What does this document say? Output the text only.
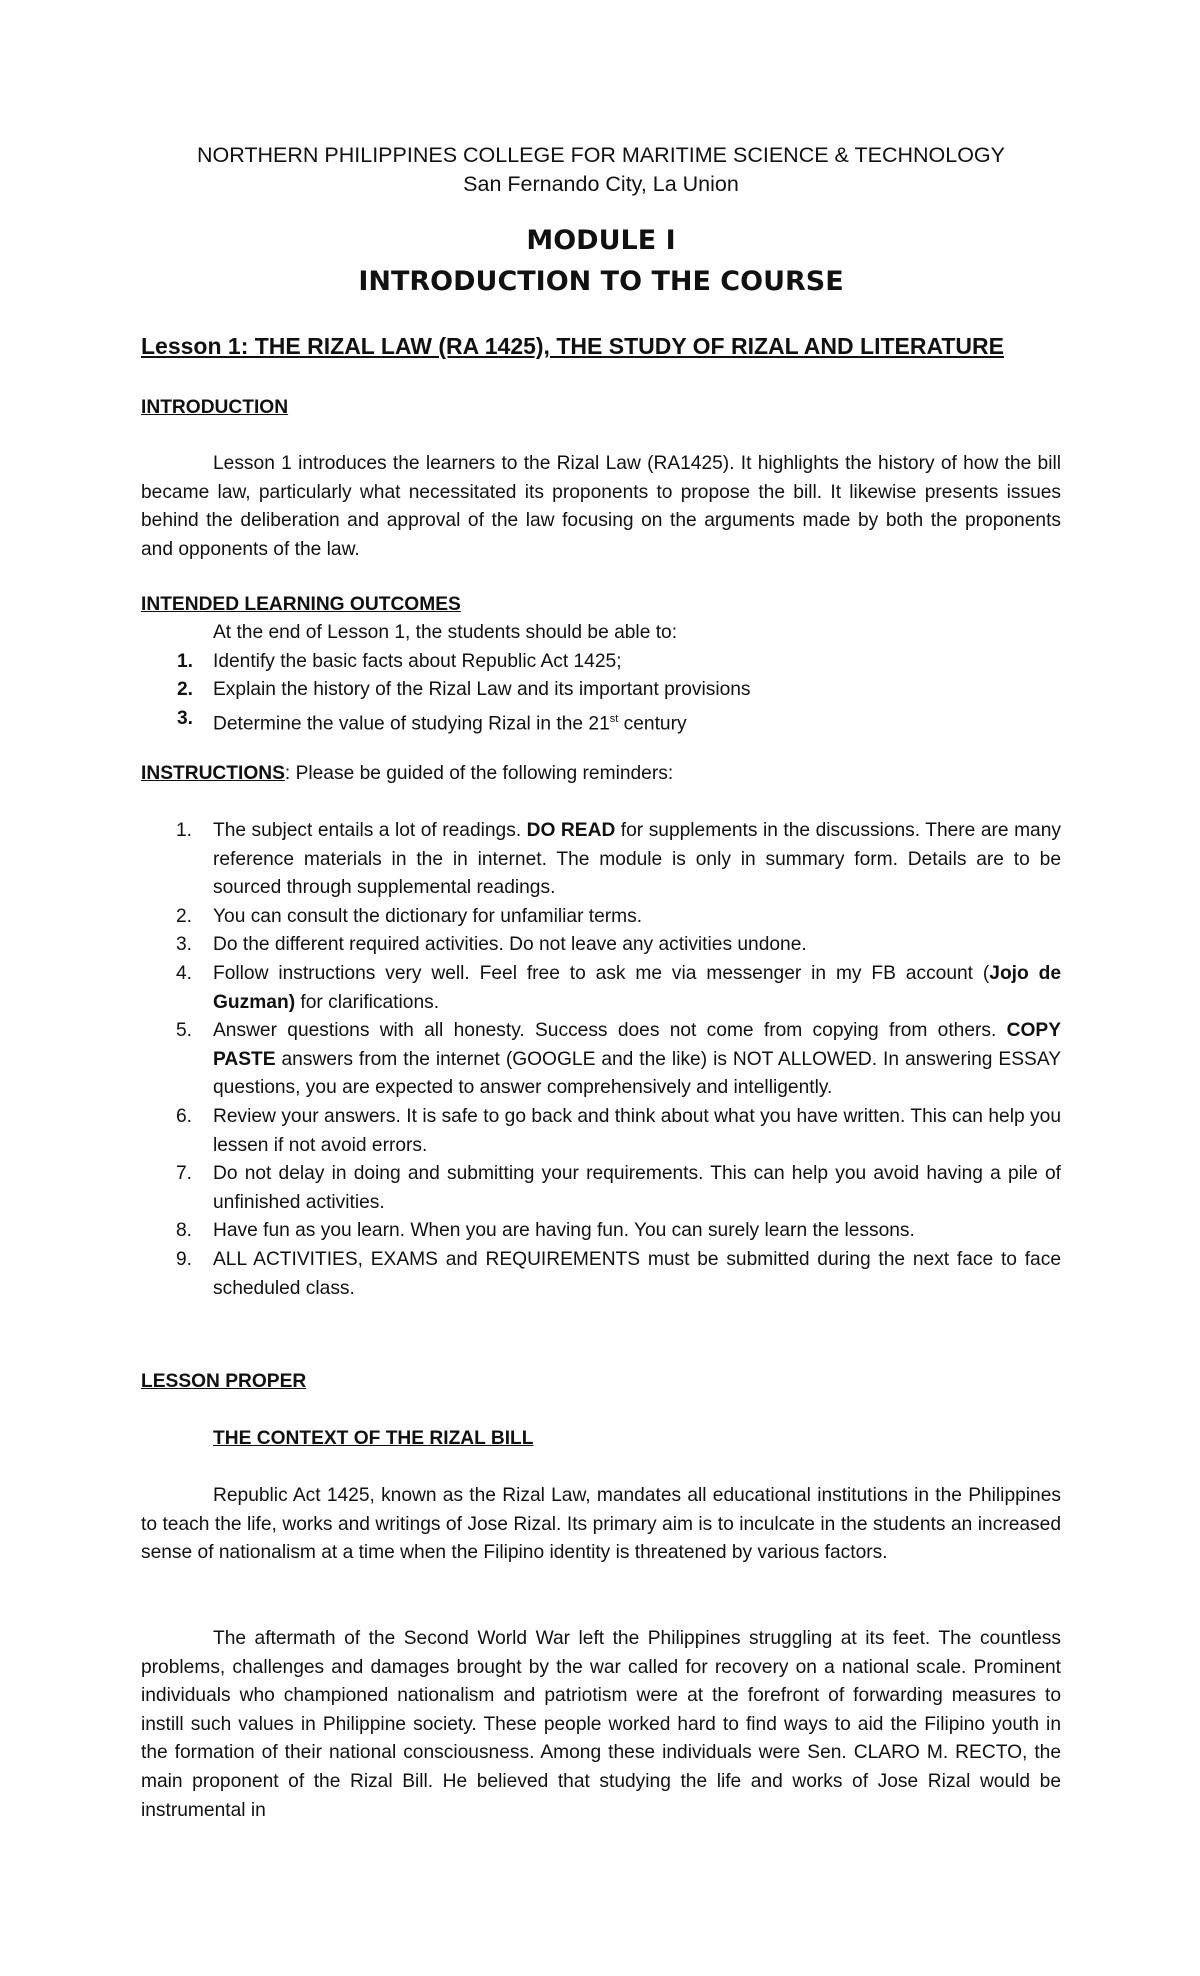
NORTHERN PHILIPPINES COLLEGE FOR MARITIME SCIENCE & TECHNOLOGY
San Fernando City, La Union
MODULE I
INTRODUCTION TO THE COURSE
Lesson 1: THE RIZAL LAW (RA 1425), THE STUDY OF RIZAL AND LITERATURE
INTRODUCTION

Lesson 1 introduces the learners to the Rizal Law (RA1425). It highlights the history of how the bill became law, particularly what necessitated its proponents to propose the bill. It likewise presents issues behind the deliberation and approval of the law focusing on the arguments made by both the proponents and opponents of the law.

INTENDED LEARNING OUTCOMES
At the end of Lesson 1, the students should be able to:
1. Identify the basic facts about Republic Act 1425;
2. Explain the history of the Rizal Law and its important provisions
3. Determine the value of studying Rizal in the 21st century
INSTRUCTIONS: Please be guided of the following reminders:
1. The subject entails a lot of readings. DO READ for supplements in the discussions. There are many reference materials in the in internet. The module is only in summary form. Details are to be sourced through supplemental readings.
2. You can consult the dictionary for unfamiliar terms.
3. Do the different required activities. Do not leave any activities undone.
4. Follow instructions very well. Feel free to ask me via messenger in my FB account (Jojo de Guzman) for clarifications.
5. Answer questions with all honesty. Success does not come from copying from others. COPY PASTE answers from the internet (GOOGLE and the like) is NOT ALLOWED. In answering ESSAY questions, you are expected to answer comprehensively and intelligently.
6. Review your answers. It is safe to go back and think about what you have written. This can help you lessen if not avoid errors.
7. Do not delay in doing and submitting your requirements. This can help you avoid having a pile of unfinished activities.
8. Have fun as you learn. When you are having fun. You can surely learn the lessons.
9. ALL ACTIVITIES, EXAMS and REQUIREMENTS must be submitted during the next face to face scheduled class.
LESSON PROPER
THE CONTEXT OF THE RIZAL BILL

Republic Act 1425, known as the Rizal Law, mandates all educational institutions in the Philippines to teach the life, works and writings of Jose Rizal. Its primary aim is to inculcate in the students an increased sense of nationalism at a time when the Filipino identity is threatened by various factors.

The aftermath of the Second World War left the Philippines struggling at its feet. The countless problems, challenges and damages brought by the war called for recovery on a national scale. Prominent individuals who championed nationalism and patriotism were at the forefront of forwarding measures to instill such values in Philippine society. These people worked hard to find ways to aid the Filipino youth in the formation of their national consciousness. Among these individuals were Sen. CLARO M. RECTO, the main proponent of the Rizal Bill. He believed that studying the life and works of Jose Rizal would be instrumental in
